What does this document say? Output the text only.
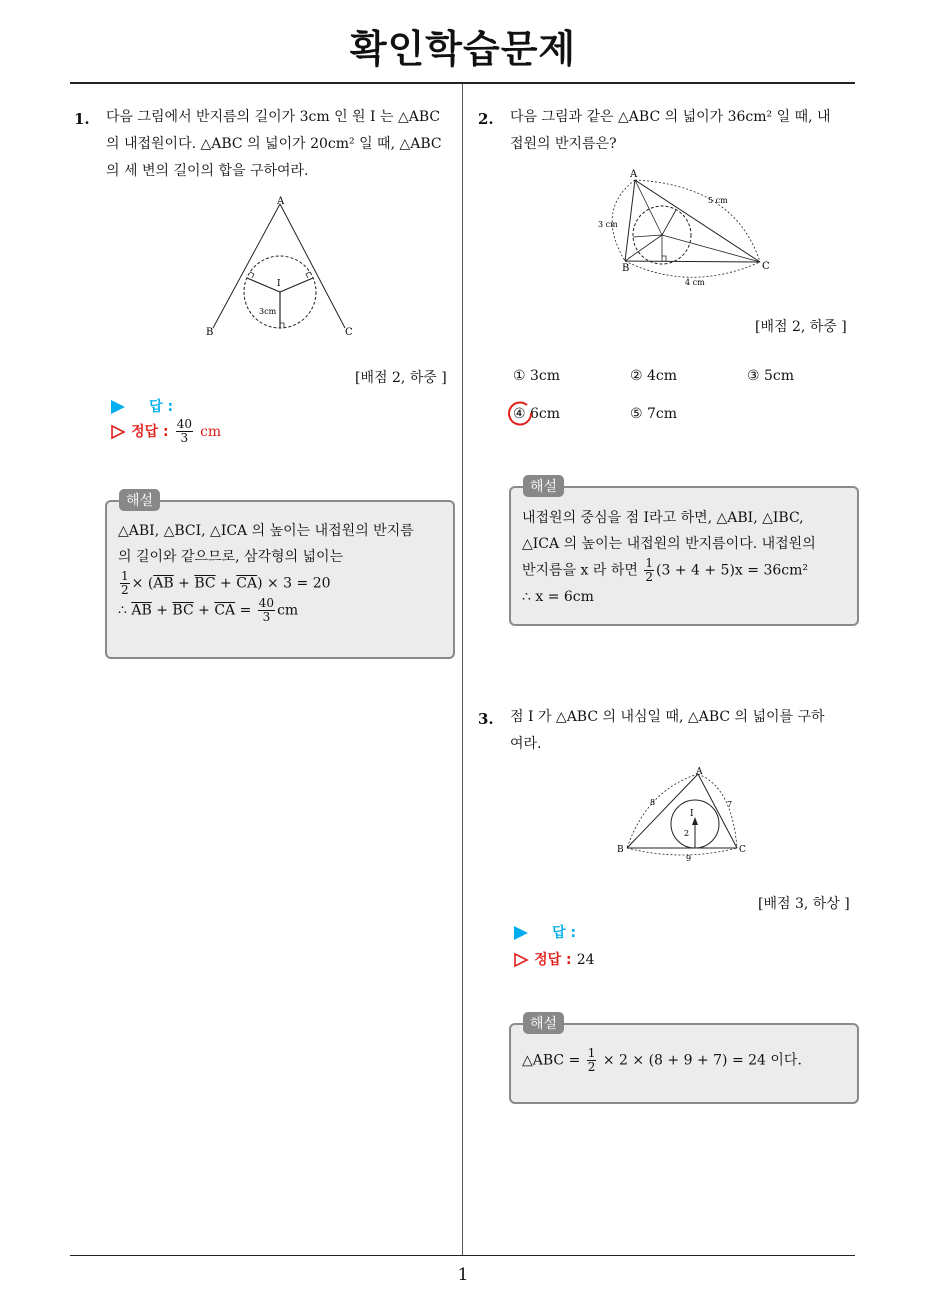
확인학습문제
1. 다음 그림에서 반지름의 길이가 3cm 인 원 I 는 △ABC
의 내접원이다. △ABC 의 넓이가 20cm² 일 때, △ABC
의 세 변의 길이의 합을 구하여라.
A
B	C
I
3cm
[배점 2, 하중 ]
답 :
정답 : $\frac{40}{3}$ cm
해설
△ABI, △BCI, △ICA 의 높이는 내접원의 반지름
의 길이와 같으므로, 삼각형의 넓이는
$\frac{1}{2} \times (\overline{AB} + \overline{BC} + \overline{CA}) \times 3 = 20$
∴ $\overline{AB} + \overline{BC} + \overline{CA} = \frac{40}{3}$ cm
2. 다음 그림과 같은 △ABC 의 넓이가 36cm² 일 때, 내
접원의 반지름은?
A
B	C
3 cm
5 cm
4 cm
[배점 2, 하중 ]
① 3cm	② 4cm	③ 5cm
④ 6cm	⑤ 7cm
해설
내접원의 중심을 점 I라고 하면, △ABI, △IBC,
△ICA 의 높이는 내접원의 반지름이다. 내접원의
반지름을 x 라 하면 $\frac{1}{2} (3 + 4 + 5)x = 36cm^2$
∴ x = 6cm
3. 점 I 가 △ABC 의 내심일 때, △ABC 의 넓이를 구하
여라.
A
B	C
I
8	7
9
2
[배점 3, 하상 ]
답 :
정답 : 24
해설
△ABC = $\frac{1}{2} \times 2 \times (8 + 9 + 7) = 24$ 이다.
1
